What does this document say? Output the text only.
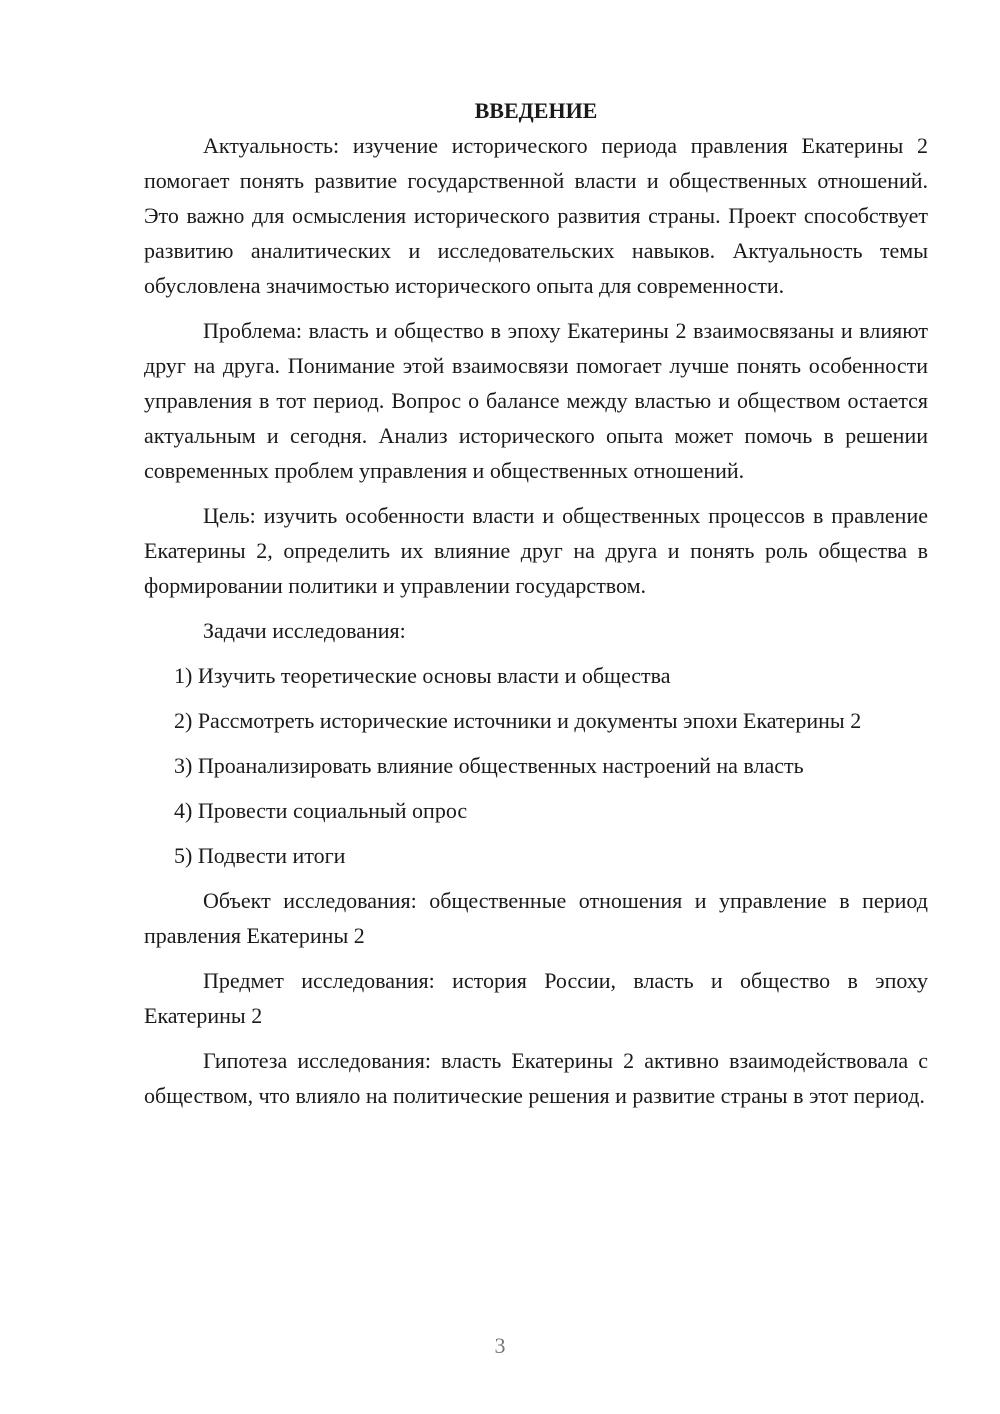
ВВЕДЕНИЕ

Актуальность: изучение исторического периода правления Екатерины 2 помогает понять развитие государственной власти и общественных отношений. Это важно для осмысления исторического развития страны. Проект способствует развитию аналитических и исследовательских навыков. Актуальность темы обусловлена значимостью исторического опыта для современности.

Проблема: власть и общество в эпоху Екатерины 2 взаимосвязаны и влияют друг на друга. Понимание этой взаимосвязи помогает лучше понять особенности управления в тот период. Вопрос о балансе между властью и обществом остается актуальным и сегодня. Анализ исторического опыта может помочь в решении современных проблем управления и общественных отношений.

Цель: изучить особенности власти и общественных процессов в правление Екатерины 2, определить их влияние друг на друга и понять роль общества в формировании политики и управлении государством.

Задачи исследования:

1) Изучить теоретические основы власти и общества

2) Рассмотреть исторические источники и документы эпохи Екатерины 2

3) Проанализировать влияние общественных настроений на власть

4) Провести социальный опрос

5) Подвести итоги

Объект исследования: общественные отношения и управление в период правления Екатерины 2

Предмет исследования: история России, власть и общество в эпоху Екатерины 2

Гипотеза исследования: власть Екатерины 2 активно взаимодействовала с обществом, что влияло на политические решения и развитие страны в этот период.

3
